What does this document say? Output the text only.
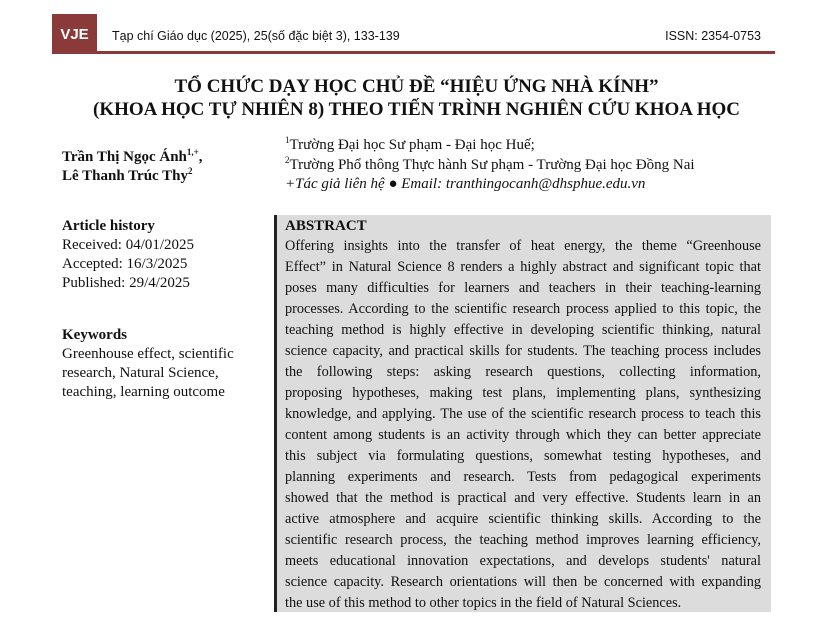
VJE	Tạp chí Giáo dục (2025), 25(số đặc biệt 3), 133-139	ISSN: 2354-0753
TỔ CHỨC DẠY HỌC CHỦ ĐỀ “HIỆU ỨNG NHÀ KÍNH”
(KHOA HỌC TỰ NHIÊN 8) THEO TIẾN TRÌNH NGHIÊN CỨU KHOA HỌC
Trần Thị Ngọc Ánh$^{1,+}$,
Lê Thanh Trúc Thy$^2$
$^1$Trường Đại học Sư phạm - Đại học Huế;
$^2$Trường Phổ thông Thực hành Sư phạm - Trường Đại học Đồng Nai
+Tác giả liên hệ ● Email: tranthingocanh@dhsphue.edu.vn
Article history
Received: 04/01/2025
Accepted: 16/3/2025
Published: 29/4/2025
Keywords
Greenhouse effect, scientific
research, Natural Science,
teaching, learning outcome
ABSTRACT
Offering insights into the transfer of heat energy, the theme “Greenhouse
Effect” in Natural Science 8 renders a highly abstract and significant topic that
poses many difficulties for learners and teachers in their teaching-learning
processes. According to the scientific research process applied to this topic, the
teaching method is highly effective in developing scientific thinking, natural
science capacity, and practical skills for students. The teaching process includes
the following steps: asking research questions, collecting information,
proposing hypotheses, making test plans, implementing plans, synthesizing
knowledge, and applying. The use of the scientific research process to teach this
content among students is an activity through which they can better appreciate
this subject via formulating questions, somewhat testing hypotheses, and
planning experiments and research. Tests from pedagogical experiments
showed that the method is practical and very effective. Students learn in an
active atmosphere and acquire scientific thinking skills. According to the
scientific research process, the teaching method improves learning efficiency,
meets educational innovation expectations, and develops students' natural
science capacity. Research orientations will then be concerned with expanding
the use of this method to other topics in the field of Natural Sciences.
